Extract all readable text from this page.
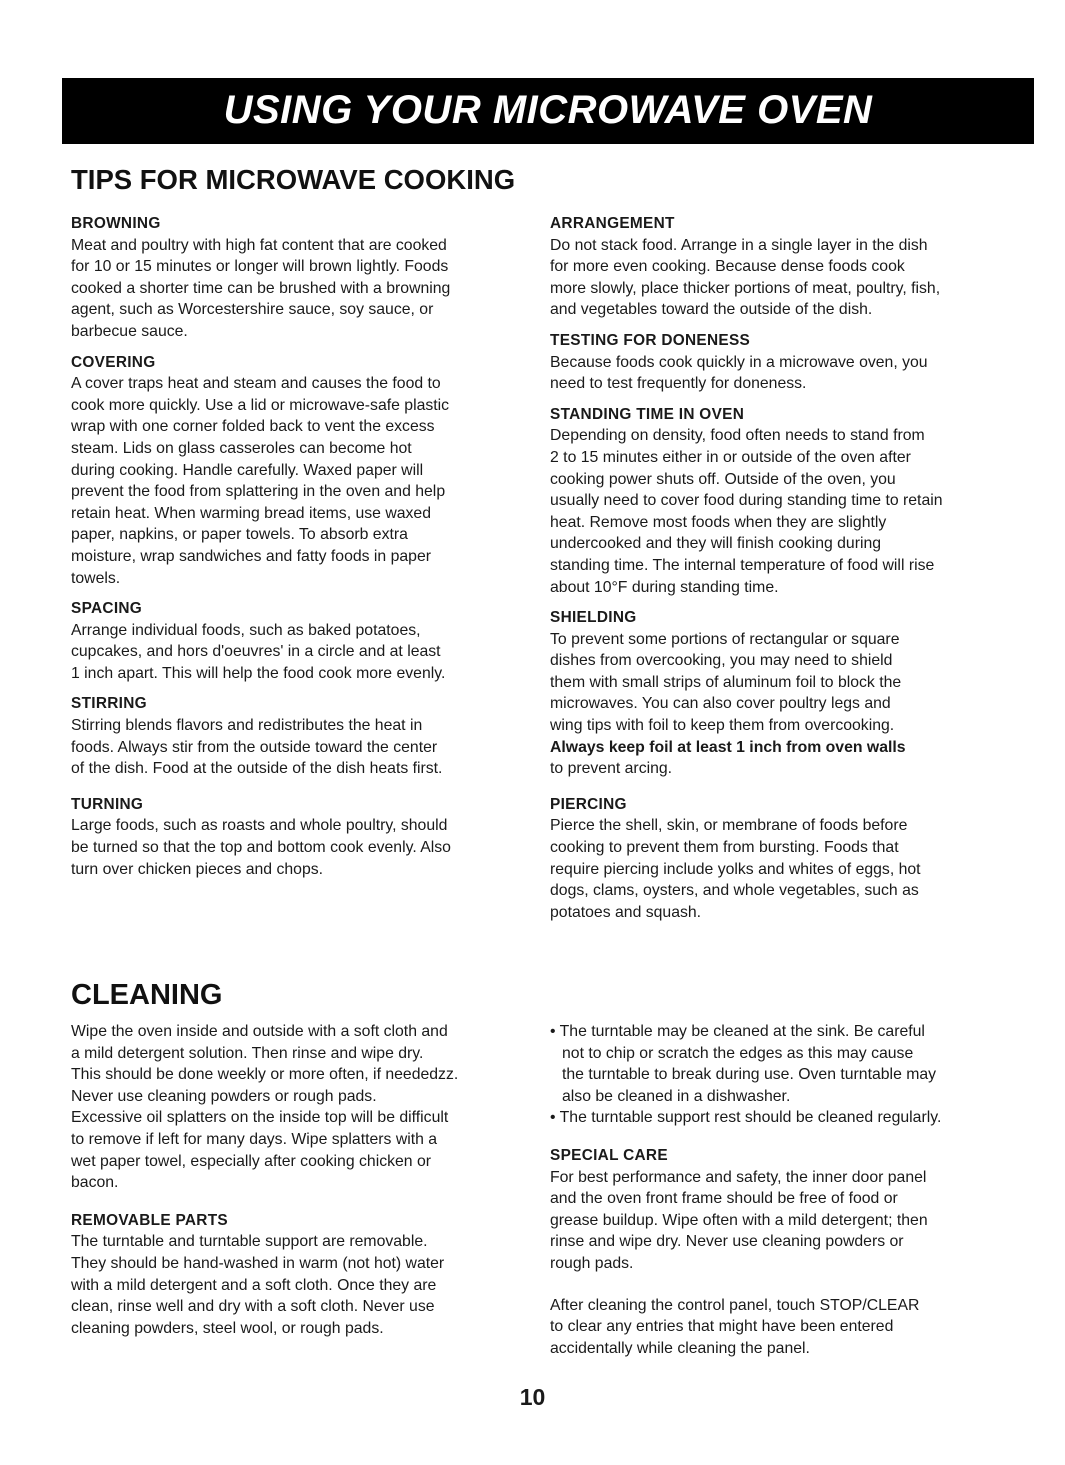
USING YOUR MICROWAVE OVEN
TIPS FOR MICROWAVE COOKING

BROWNING

Meat and poultry with high fat content that are cooked

for 10 or 15 minutes or longer will brown lightly. Foods

cooked a shorter time can be brushed with a browning

agent, such as Worcestershire sauce, soy sauce, or

barbecue sauce.

COVERING

A cover traps heat and steam and causes the food to

cook more quickly. Use a lid or microwave-safe plastic

wrap with one corner folded back to vent the excess

steam. Lids on glass casseroles can become hot

during cooking. Handle carefully. Waxed paper will

prevent the food from splattering in the oven and help

retain heat. When warming bread items, use waxed

paper, napkins, or paper towels. To absorb extra

moisture, wrap sandwiches and fatty foods in paper

towels.

SPACING

Arrange individual foods, such as baked potatoes,

cupcakes, and hors d'oeuvres' in a circle and at least

1 inch apart. This will help the food cook more evenly.

STIRRING

Stirring blends flavors and redistributes the heat in

foods. Always stir from the outside toward the center

of the dish. Food at the outside of the dish heats first.

TURNING

Large foods, such as roasts and whole poultry, should

be turned so that the top and bottom cook evenly. Also

turn over chicken pieces and chops.

ARRANGEMENT

Do not stack food. Arrange in a single layer in the dish

for more even cooking. Because dense foods cook

more slowly, place thicker portions of meat, poultry, fish,

and vegetables toward the outside of the dish.

TESTING FOR DONENESS

Because foods cook quickly in a microwave oven, you

need to test frequently for doneness.

STANDING TIME IN OVEN

Depending on density, food often needs to stand from

2 to 15 minutes either in or outside of the oven after

cooking power shuts off. Outside of the oven, you

usually need to cover food during standing time to retain

heat. Remove most foods when they are slightly

undercooked and they will finish cooking during

standing time. The internal temperature of food will rise

about 10°F during standing time.

SHIELDING

To prevent some portions of rectangular or square

dishes from overcooking, you may need to shield

them with small strips of aluminum foil to block the

microwaves. You can also cover poultry legs and

wing tips with foil to keep them from overcooking.

Always keep foil at least 1 inch from oven walls

to prevent arcing.

PIERCING

Pierce the shell, skin, or membrane of foods before

cooking to prevent them from bursting. Foods that

require piercing include yolks and whites of eggs, hot

dogs, clams, oysters, and whole vegetables, such as

potatoes and squash.

CLEANING

Wipe the oven inside and outside with a soft cloth and

a mild detergent solution. Then rinse and wipe dry.

This should be done weekly or more often, if neededzz.

Never use cleaning powders or rough pads.

Excessive oil splatters on the inside top will be difficult

to remove if left for many days. Wipe splatters with a

wet paper towel, especially after cooking chicken or

bacon.

REMOVABLE PARTS

The turntable and turntable support are removable.

They should be hand-washed in warm (not hot) water

with a mild detergent and a soft cloth. Once they are

clean, rinse well and dry with a soft cloth. Never use

cleaning powders, steel wool, or rough pads.

• The turntable may be cleaned at the sink. Be careful

not to chip or scratch the edges as this may cause

the turntable to break during use. Oven turntable may

also be cleaned in a dishwasher.

• The turntable support rest should be cleaned regularly.

SPECIAL CARE

For best performance and safety, the inner door panel

and the oven front frame should be free of food or

grease buildup. Wipe often with a mild detergent; then

rinse and wipe dry. Never use cleaning powders or

rough pads.

After cleaning the control panel, touch STOP/CLEAR

to clear any entries that might have been entered

accidentally while cleaning the panel.

10
